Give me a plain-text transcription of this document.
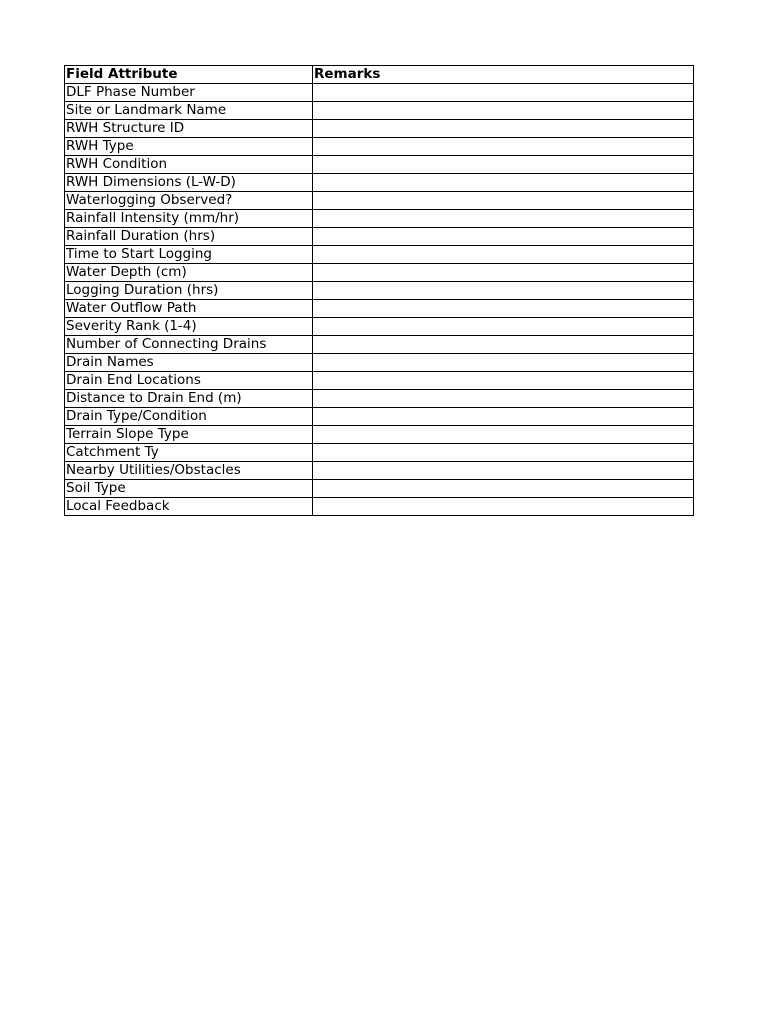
Field Attribute	Remarks
DLF Phase Number	
Site or Landmark Name	
RWH Structure ID	
RWH Type	
RWH Condition	
RWH Dimensions (L-W-D)	
Waterlogging Observed?	
Rainfall Intensity (mm/hr)	
Rainfall Duration (hrs)	
Time to Start Logging	
Water Depth (cm)	
Logging Duration (hrs)	
Water Outflow Path	
Severity Rank (1-4)	
Number of Connecting Drains	
Drain Names	
Drain End Locations	
Distance to Drain End (m)	
Drain Type/Condition	
Terrain Slope Type	
Catchment Ty	
Nearby Utilities/Obstacles	
Soil Type	
Local Feedback	
